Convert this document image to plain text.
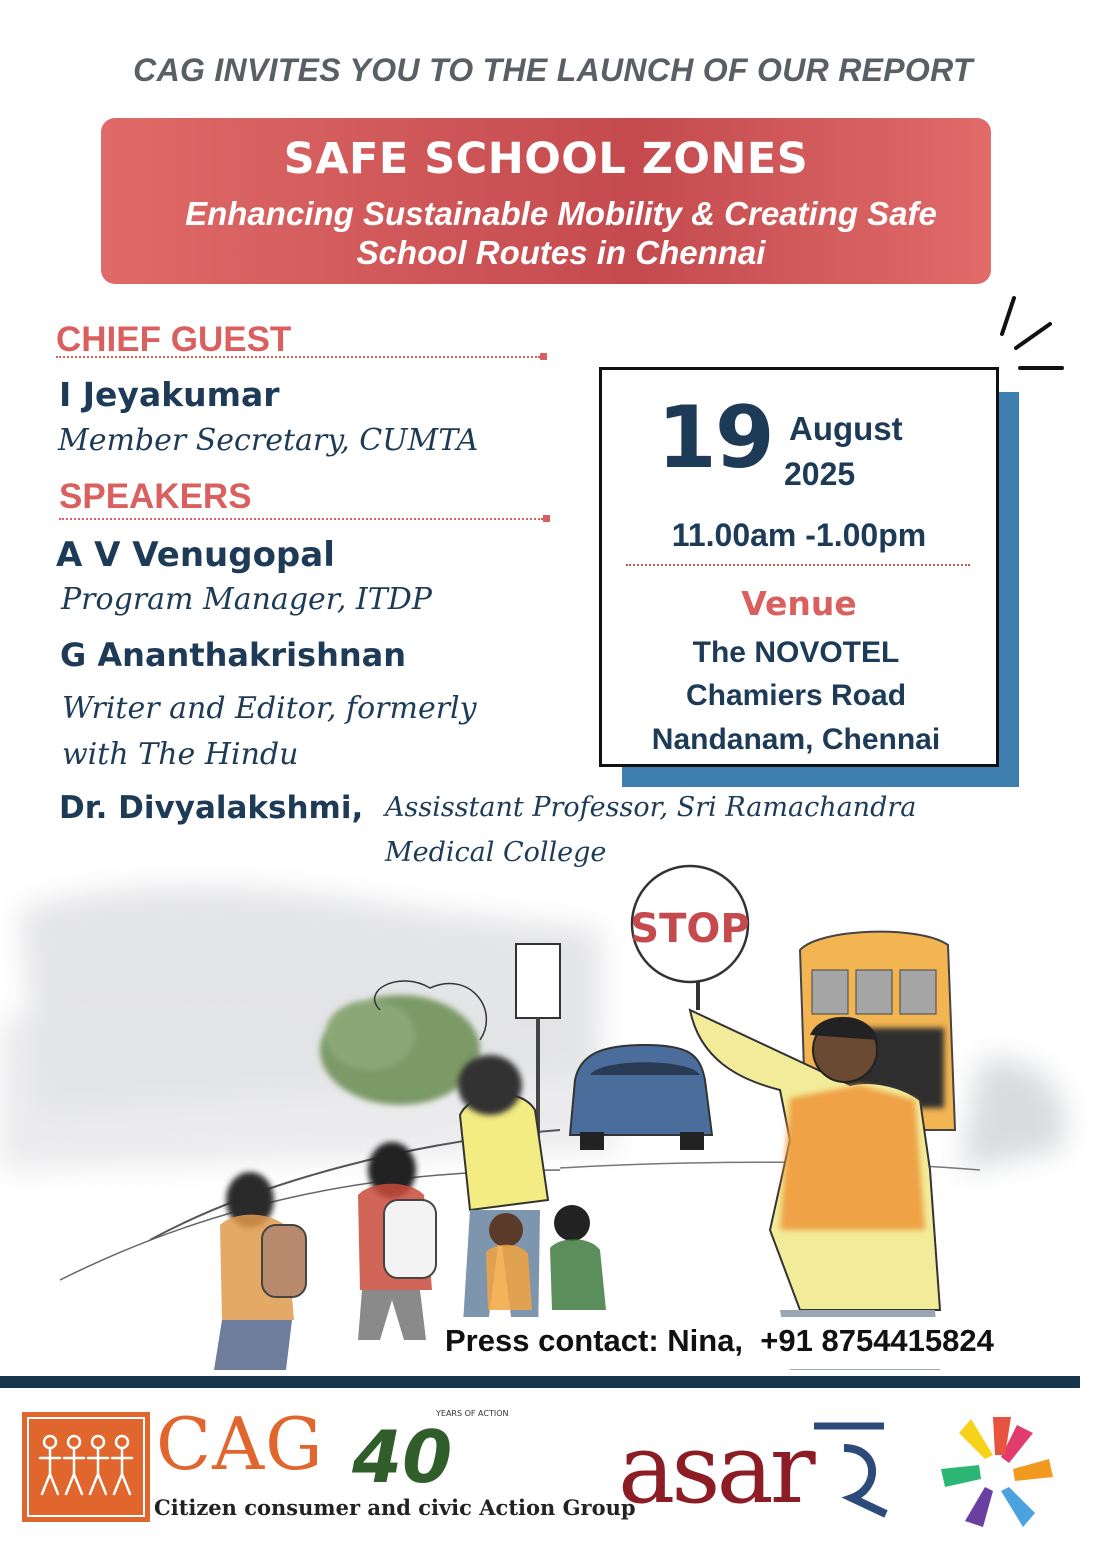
CAG INVITES YOU TO THE LAUNCH OF OUR REPORT
SAFE SCHOOL ZONES
Enhancing Sustainable Mobility & Creating Safe
School Routes in Chennai
CHIEF GUEST
I Jeyakumar
Member Secretary, CUMTA
SPEAKERS
A V Venugopal
Program Manager, ITDP
G Ananthakrishnan
Writer and Editor, formerly
with The Hindu
Dr. Divyalakshmi, Assisstant Professor, Sri Ramachandra
Medical College
19 August
2025
11.00am -1.00pm
Venue
The NOVOTEL
Chamiers Road
Nandanam, Chennai
STOP
Press contact: Nina,  +91 8754415824
CAG 40
YEARS OF ACTION
Citizen consumer and civic Action Group
asar
